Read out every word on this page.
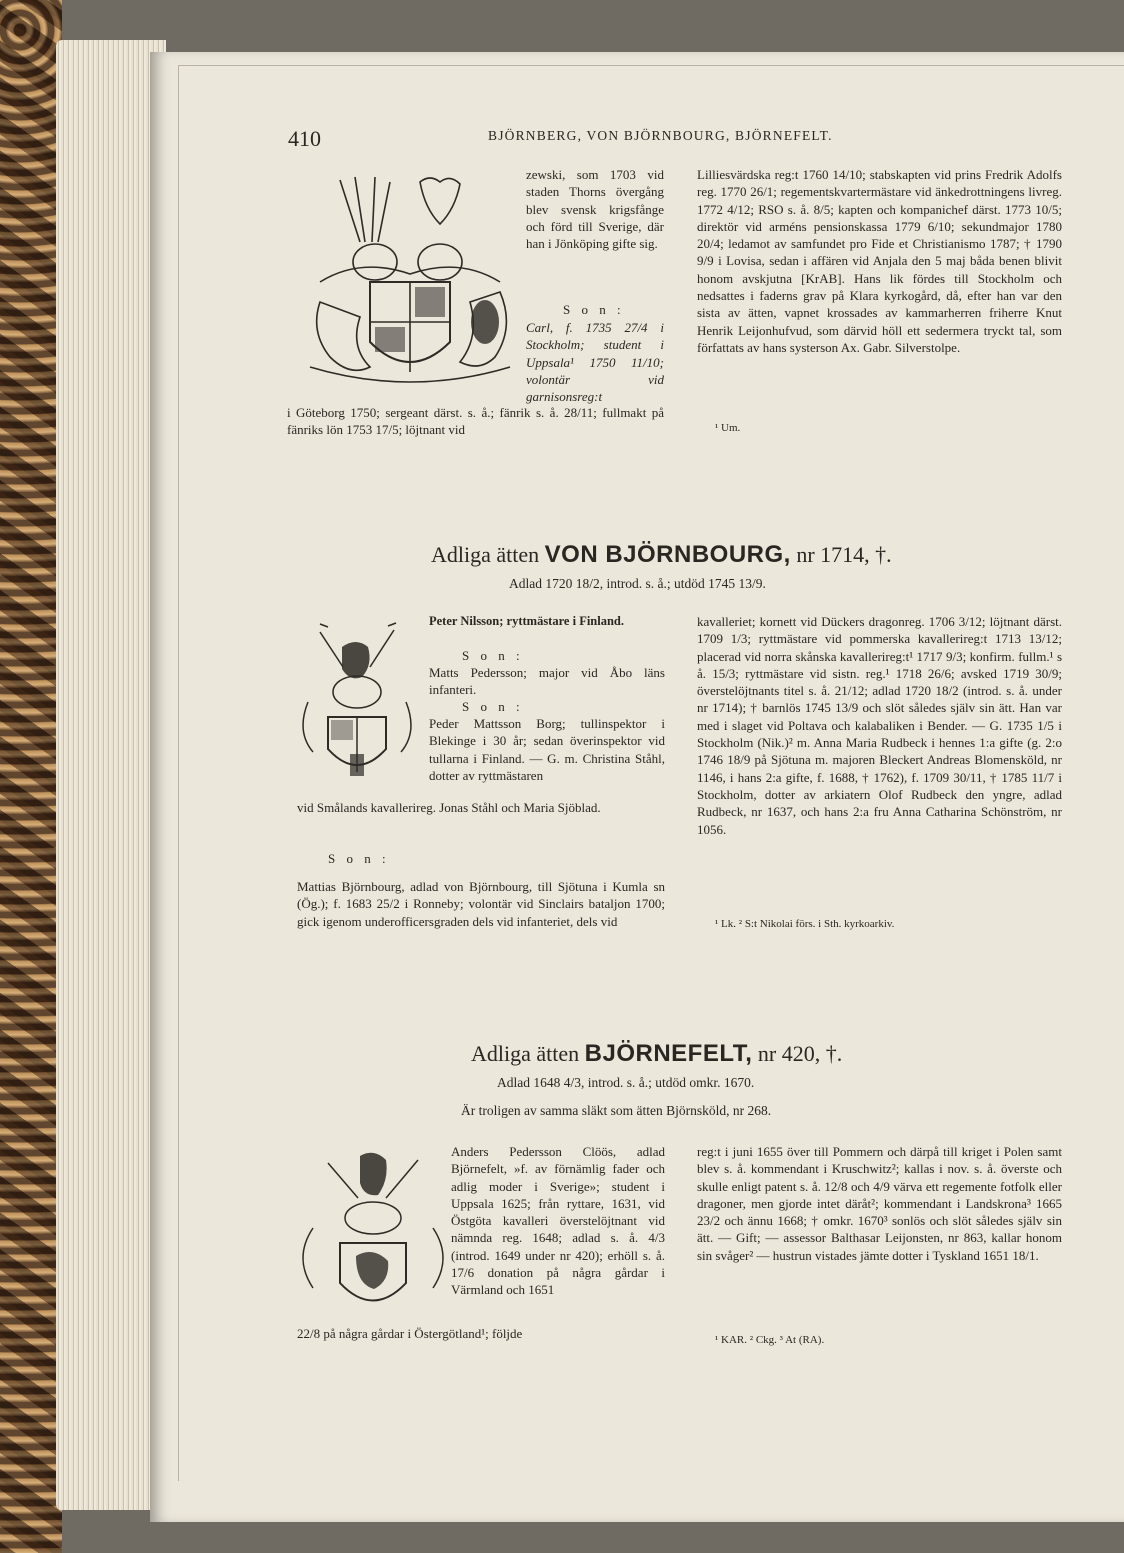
410	BJÖRNBERG, VON BJÖRNBOURG, BJÖRNEFELT.
zewski, som 1703 vid staden Thorns övergång blev svensk krigsfånge och förd till Sverige, där han i Jönköping gifte sig.
S o n :
Carl, f. 1735 27/4 i Stockholm; student i Uppsala¹ 1750 11/10; volontär vid garnisonsreg:t
i Göteborg 1750; sergeant därst. s. å.; fänrik s. å. 28/11; fullmakt på fänriks lön 1753 17/5; löjtnant vid
Lilliesvärdska reg:t 1760 14/10; stabskapten vid prins Fredrik Adolfs reg. 1770 26/1; regementskvartermästare vid änkedrottningens livreg. 1772 4/12; RSO s. å. 8/5; kapten och kompanichef därst. 1773 10/5; direktör vid arméns pensionskassa 1779 6/10; sekundmajor 1780 20/4; ledamot av samfundet pro Fide et Christianismo 1787; † 1790 9/9 i Lovisa, sedan i affären vid Anjala den 5 maj båda benen blivit honom avskjutna [KrAB]. Hans lik fördes till Stockholm och nedsattes i faderns grav på Klara kyrkogård, då, efter han var den sista av ätten, vapnet krossades av kammarherren friherre Knut Henrik Leijonhufvud, som därvid höll ett sedermera tryckt tal, som författats av hans systerson Ax. Gabr. Silverstolpe.
¹ Um.
Adliga ätten VON BJÖRNBOURG, nr 1714, †.
Adlad 1720 18/2, introd. s. å.; utdöd 1745 13/9.
Peter Nilsson; ryttmästare i Finland.
S o n :
Matts Pedersson; major vid Åbo läns infanteri.
S o n :
Peder Mattsson Borg; tullinspektor i Blekinge i 30 år; sedan överinspektor vid tullarna i Finland. — G. m. Christina Ståhl, dotter av ryttmästaren
vid Smålands kavallerireg. Jonas Ståhl och Maria Sjöblad.
S o n :
Mattias Björnbourg, adlad von Björnbourg, till Sjötuna i Kumla sn (Ög.); f. 1683 25/2 i Ronneby; volontär vid Sinclairs bataljon 1700; gick igenom underofficersgraden dels vid infanteriet, dels vid
kavalleriet; kornett vid Dückers dragonreg. 1706 3/12; löjtnant därst. 1709 1/3; ryttmästare vid pommerska kavallerireg:t 1713 13/12; placerad vid norra skånska kavallerireg:t¹ 1717 9/3; konfirm. fullm.¹ s å. 15/3; ryttmästare vid sistn. reg.¹ 1718 26/6; avsked 1719 30/9; överstelöjtnants titel s. å. 21/12; adlad 1720 18/2 (introd. s. å. under nr 1714); † barnlös 1745 13/9 och slöt således själv sin ätt. Han var med i slaget vid Poltava och kalabaliken i Bender. — G. 1735 1/5 i Stockholm (Nik.)² m. Anna Maria Rudbeck i hennes 1:a gifte (g. 2:o 1746 18/9 på Sjötuna m. majoren Bleckert Andreas Blomensköld, nr 1146, i hans 2:a gifte, f. 1688, † 1762), f. 1709 30/11, † 1785 11/7 i Stockholm, dotter av arkiatern Olof Rudbeck den yngre, adlad Rudbeck, nr 1637, och hans 2:a fru Anna Catharina Schönström, nr 1056.
¹ Lk. ² S:t Nikolai förs. i Sth. kyrkoarkiv.
Adliga ätten BJÖRNEFELT, nr 420, †.
Adlad 1648 4/3, introd. s. å.; utdöd omkr. 1670.
Är troligen av samma släkt som ätten Björnsköld, nr 268.
Anders Pedersson Clöös, adlad Björnefelt, »f. av förnämlig fader och adlig moder i Sverige»; student i Uppsala 1625; från ryttare, 1631, vid Östgöta kavalleri överstelöjtnant vid nämnda reg. 1648; adlad s. å. 4/3 (introd. 1649 under nr 420); erhöll s. å. 17/6 donation på några gårdar i Värmland och 1651
22/8 på några gårdar i Östergötland¹; följde
reg:t i juni 1655 över till Pommern och därpå till kriget i Polen samt blev s. å. kommendant i Kruschwitz²; kallas i nov. s. å. överste och skulle enligt patent s. å. 12/8 och 4/9 värva ett regemente fotfolk eller dragoner, men gjorde intet däråt²; kommendant i Landskrona³ 1665 23/2 och ännu 1668; † omkr. 1670³ sonlös och slöt således själv sin ätt. — Gift; — assessor Balthasar Leijonsten, nr 863, kallar honom sin svåger² — hustrun vistades jämte dotter i Tyskland 1651 18/1.
¹ KAR. ² Ckg. ³ At (RA).
